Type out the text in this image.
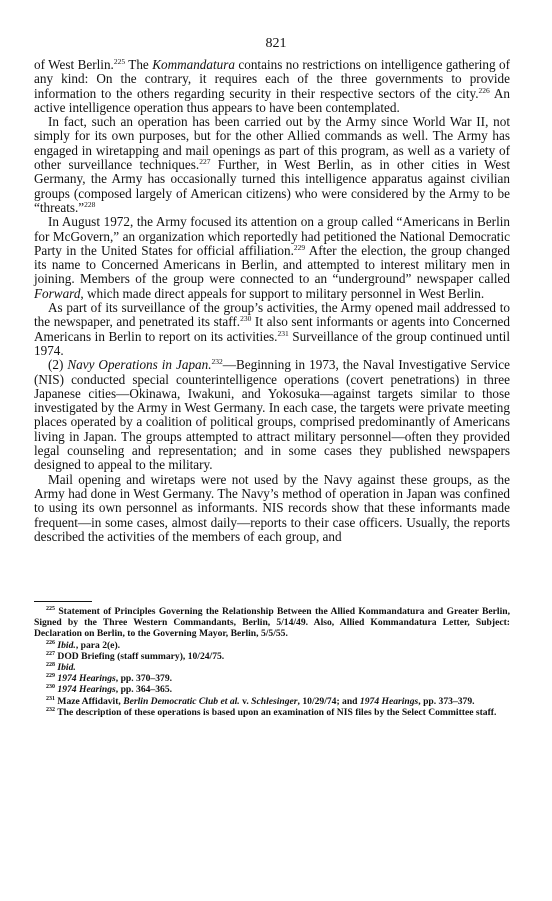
821

of West Berlin.$^{225}$ The Kommandatura contains no restrictions on intelligence gathering of any kind: On the contrary, it requires each of the three governments to provide information to the others regarding security in their respective sectors of the city.$^{226}$ An active intelligence operation thus appears to have been contemplated.

In fact, such an operation has been carried out by the Army since World War II, not simply for its own purposes, but for the other Allied commands as well. The Army has engaged in wiretapping and mail openings as part of this program, as well as a variety of other surveillance techniques.$^{227}$ Further, in West Berlin, as in other cities in West Germany, the Army has occasionally turned this intelligence apparatus against civilian groups (composed largely of American citizens) who were considered by the Army to be “threats.”$^{228}$

In August 1972, the Army focused its attention on a group called “Americans in Berlin for McGovern,” an organization which reportedly had petitioned the National Democratic Party in the United States for official affiliation.$^{229}$ After the election, the group changed its name to Concerned Americans in Berlin, and attempted to interest military men in joining. Members of the group were connected to an “underground” newspaper called Forward, which made direct appeals for support to military personnel in West Berlin.

As part of its surveillance of the group’s activities, the Army opened mail addressed to the newspaper, and penetrated its staff.$^{230}$ It also sent informants or agents into Concerned Americans in Berlin to report on its activities.$^{231}$ Surveillance of the group continued until 1974.

(2) Navy Operations in Japan.$^{232}$—Beginning in 1973, the Naval Investigative Service (NIS) conducted special counterintelligence operations (covert penetrations) in three Japanese cities—Okinawa, Iwakuni, and Yokosuka—against targets similar to those investigated by the Army in West Germany. In each case, the targets were private meeting places operated by a coalition of political groups, comprised predominantly of Americans living in Japan. The groups attempted to attract military personnel—often they provided legal counseling and representation; and in some cases they published newspapers designed to appeal to the military.

Mail opening and wiretaps were not used by the Navy against these groups, as the Army had done in West Germany. The Navy’s method of operation in Japan was confined to using its own personnel as informants. NIS records show that these informants made frequent—in some cases, almost daily—reports to their case officers. Usually, the reports described the activities of the members of each group, and

$^{225}$ Statement of Principles Governing the Relationship Between the Allied Kommandatura and Greater Berlin, Signed by the Three Western Commandants, Berlin, 5/14/49. Also, Allied Kommandatura Letter, Subject: Declaration on Berlin, to the Governing Mayor, Berlin, 5/5/55.

$^{226}$ Ibid., para 2(e).

$^{227}$ DOD Briefing (staff summary), 10/24/75.

$^{228}$ Ibid.

$^{229}$ 1974 Hearings, pp. 370–379.

$^{230}$ 1974 Hearings, pp. 364–365.

$^{231}$ Maze Affidavit, Berlin Democratic Club et al. v. Schlesinger, 10/29/74; and 1974 Hearings, pp. 373–379.

$^{232}$ The description of these operations is based upon an examination of NIS files by the Select Committee staff.
